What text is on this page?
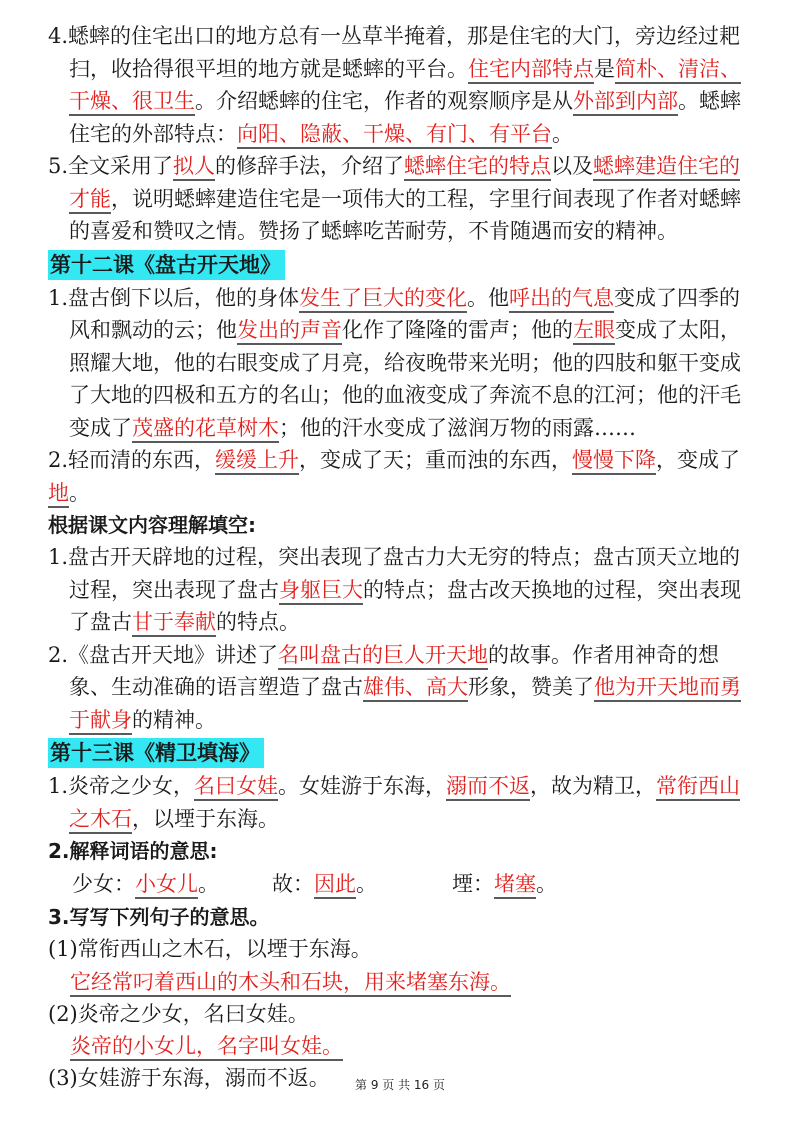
4.蟋蟀的住宅出口的地方总有一丛草半掩着，那是住宅的大门，旁边经过耙扫，收拾得很平坦的地方就是蟋蟀的平台。住宅内部特点是简朴、清洁、干燥、很卫生。介绍蟋蟀的住宅，作者的观察顺序是从外部到内部。蟋蟀住宅的外部特点：向阳、隐蔽、干燥、有门、有平台。

5.全文采用了拟人的修辞手法，介绍了蟋蟀住宅的特点以及蟋蟀建造住宅的才能，说明蟋蟀建造住宅是一项伟大的工程，字里行间表现了作者对蟋蟀的喜爱和赞叹之情。赞扬了蟋蟀吃苦耐劳，不肯随遇而安的精神。

第十二课《盘古开天地》

1.盘古倒下以后，他的身体发生了巨大的变化。他呼出的气息变成了四季的风和飘动的云；他发出的声音化作了隆隆的雷声；他的左眼变成了太阳，照耀大地，他的右眼变成了月亮，给夜晚带来光明；他的四肢和躯干变成了大地的四极和五方的名山；他的血液变成了奔流不息的江河；他的汗毛变成了茂盛的花草树木；他的汗水变成了滋润万物的雨露……

2.轻而清的东西，缓缓上升，变成了天；重而浊的东西，慢慢下降，变成了地。

根据课文内容理解填空:

1.盘古开天辟地的过程，突出表现了盘古力大无穷的特点；盘古顶天立地的过程，突出表现了盘古身躯巨大的特点；盘古改天换地的过程，突出表现了盘古甘于奉献的特点。

2.《盘古开天地》讲述了名叫盘古的巨人开天地的故事。作者用神奇的想象、生动准确的语言塑造了盘古雄伟、高大形象，赞美了他为开天地而勇于献身的精神。

第十三课《精卫填海》

1.炎帝之少女，名曰女娃。女娃游于东海，溺而不返，故为精卫，常衔西山之木石，以堙于东海。

2.解释词语的意思:

少女：小女儿。	故：因此。	堙：堵塞。

3.写写下列句子的意思。

(1)常衔西山之木石，以堙于东海。

它经常叼着西山的木头和石块，用来堵塞东海。

(2)炎帝之少女，名曰女娃。

炎帝的小女儿，名字叫女娃。

(3)女娃游于东海，溺而不返。	第 9 页 共 16 页
